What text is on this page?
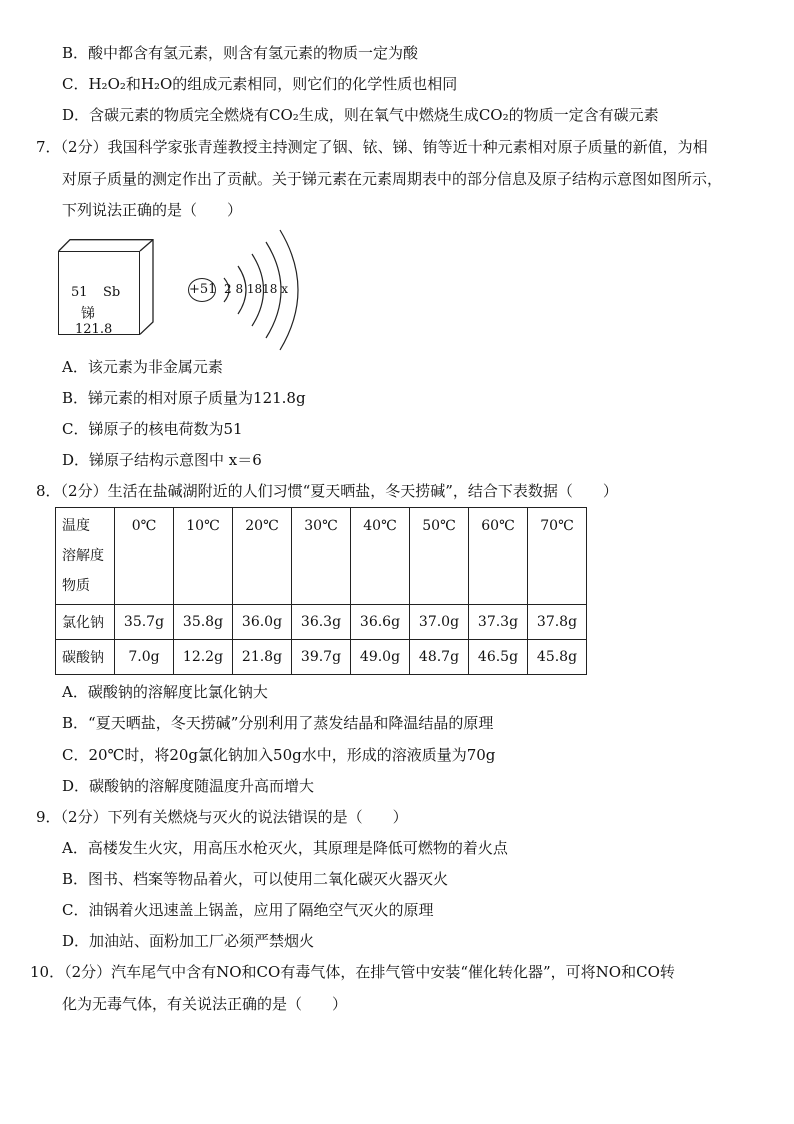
B．酸中都含有氢元素，则含有氢元素的物质一定为酸
C．H₂O₂和H₂O的组成元素相同，则它们的化学性质也相同
D．含碳元素的物质完全燃烧有CO₂生成，则在氧气中燃烧生成CO₂的物质一定含有碳元素
7．（2分）我国科学家张青莲教授主持测定了铟、铱、锑、铕等近十种元素相对原子质量的新值，为相
对原子质量的测定作出了贡献。关于锑元素在元素周期表中的部分信息及原子结构示意图如图所示，
下列说法正确的是（　　）
51 Sb
锑
121.8
+51 2 8 1818 x
A．该元素为非金属元素
B．锑元素的相对原子质量为121.8g
C．锑原子的核电荷数为51
D．锑原子结构示意图中 x＝6
8．（2分）生活在盐碱湖附近的人们习惯“夏天晒盐，冬天捞碱”，结合下表数据（　　）
温度
溶解度
物质	0℃	10℃	20℃	30℃	40℃	50℃	60℃	70℃
氯化钠	35.7g	35.8g	36.0g	36.3g	36.6g	37.0g	37.3g	37.8g
碳酸钠	7.0g	12.2g	21.8g	39.7g	49.0g	48.7g	46.5g	45.8g
A．碳酸钠的溶解度比氯化钠大
B．“夏天晒盐，冬天捞碱”分别利用了蒸发结晶和降温结晶的原理
C．20℃时，将20g氯化钠加入50g水中，形成的溶液质量为70g
D．碳酸钠的溶解度随温度升高而增大
9．（2分）下列有关燃烧与灭火的说法错误的是（　　）
A．高楼发生火灾，用高压水枪灭火，其原理是降低可燃物的着火点
B．图书、档案等物品着火，可以使用二氧化碳灭火器灭火
C．油锅着火迅速盖上锅盖，应用了隔绝空气灭火的原理
D．加油站、面粉加工厂必须严禁烟火
10．（2分）汽车尾气中含有NO和CO有毒气体，在排气管中安装“催化转化器”，可将NO和CO转
化为无毒气体，有关说法正确的是（　　）
